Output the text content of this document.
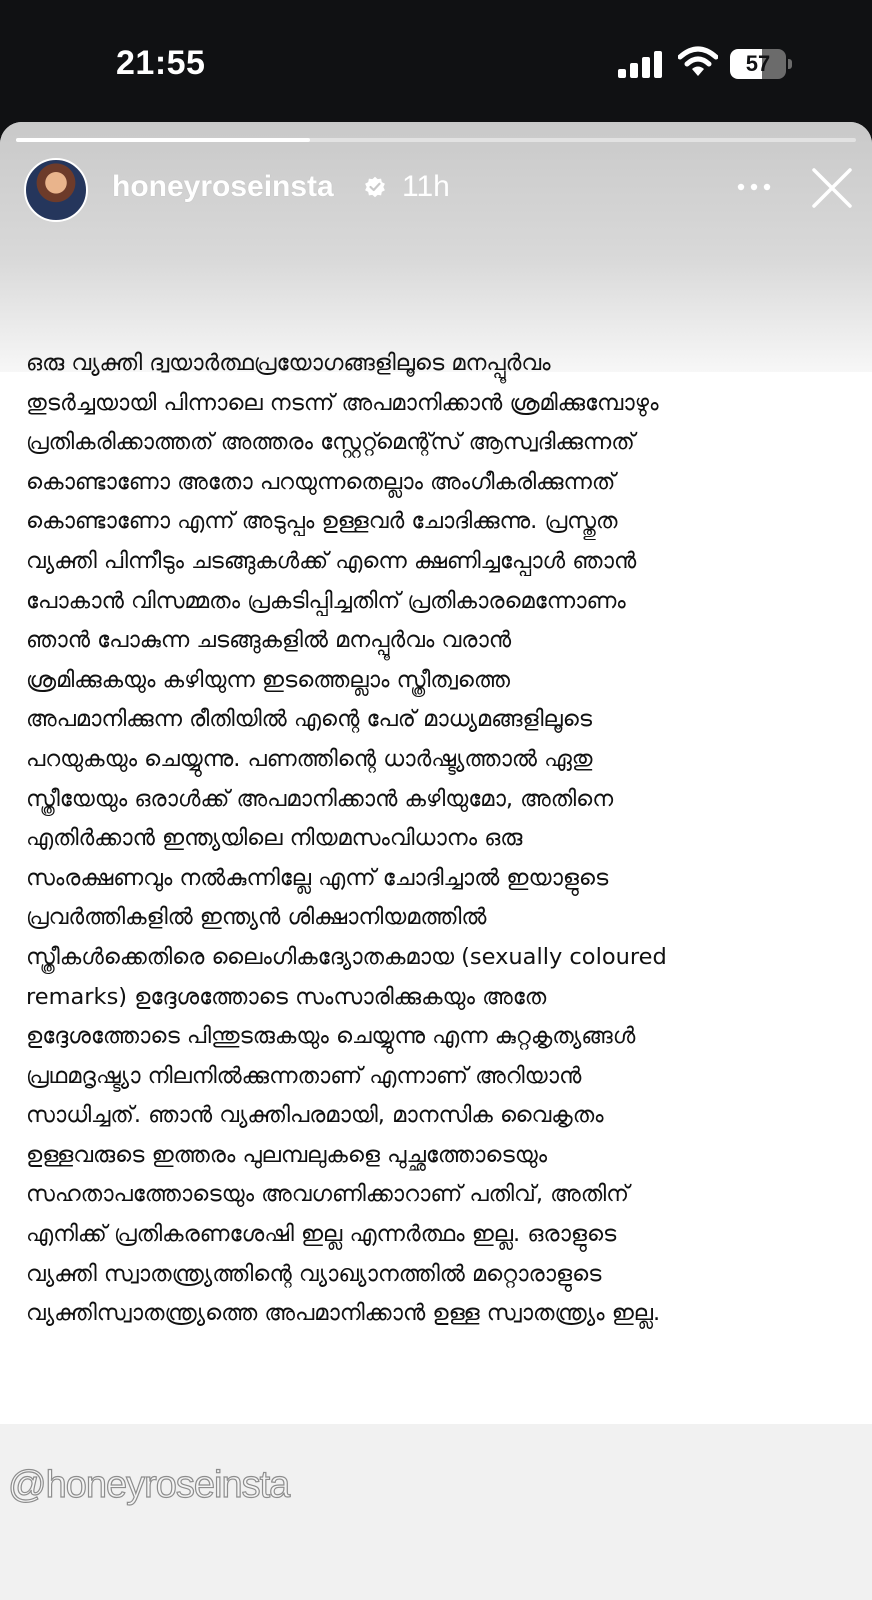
21:55	57
honeyroseinsta 11h
ഒരു വ്യക്തി ദ്വയാർത്ഥപ്രയോഗങ്ങളിലൂടെ മനപ്പൂർവം
തുടർച്ചയായി പിന്നാലെ നടന്ന് അപമാനിക്കാൻ ശ്രമിക്കുമ്പോഴും
പ്രതികരിക്കാത്തത് അത്തരം സ്റ്റേറ്റ്മെന്റ്സ് ആസ്വദിക്കുന്നത്
കൊണ്ടാണോ അതോ പറയുന്നതെല്ലാം അംഗീകരിക്കുന്നത്
കൊണ്ടാണോ എന്ന് അടുപ്പം ഉള്ളവർ ചോദിക്കുന്നു. പ്രസ്തുത
വ്യക്തി പിന്നീടും ചടങ്ങുകൾക്ക് എന്നെ ക്ഷണിച്ചപ്പോൾ ഞാൻ
പോകാൻ വിസമ്മതം പ്രകടിപ്പിച്ചതിന് പ്രതികാരമെന്നോണം
ഞാൻ പോകുന്ന ചടങ്ങുകളിൽ മനപ്പൂർവം വരാൻ
ശ്രമിക്കുകയും കഴിയുന്ന ഇടത്തെല്ലാം സ്ത്രീത്വത്തെ
അപമാനിക്കുന്ന രീതിയിൽ എന്റെ പേര് മാധ്യമങ്ങളിലൂടെ
പറയുകയും ചെയ്യുന്നു. പണത്തിന്റെ ധാർഷ്ട്യത്താൽ ഏതു
സ്ത്രീയേയും ഒരാൾക്ക് അപമാനിക്കാൻ കഴിയുമോ, അതിനെ
എതിർക്കാൻ ഇന്ത്യയിലെ നിയമസംവിധാനം ഒരു
സംരക്ഷണവും നൽകുന്നില്ലേ എന്ന് ചോദിച്ചാൽ ഇയാളുടെ
പ്രവർത്തികളിൽ ഇന്ത്യൻ ശിക്ഷാനിയമത്തിൽ
സ്ത്രീകൾക്കെതിരെ ലൈംഗികദ്യോതകമായ (sexually coloured
remarks) ഉദ്ദേശത്തോടെ സംസാരിക്കുകയും അതേ
ഉദ്ദേശത്തോടെ പിന്തുടരുകയും ചെയ്യുന്നു എന്ന കുറ്റകൃത്യങ്ങൾ
പ്രഥമദൃഷ്ട്യാ നിലനിൽക്കുന്നതാണ് എന്നാണ് അറിയാൻ
സാധിച്ചത്. ഞാൻ വ്യക്തിപരമായി, മാനസിക വൈകൃതം
ഉള്ളവരുടെ ഇത്തരം പുലമ്പലുകളെ പുച്ഛത്തോടെയും
സഹതാപത്തോടെയും അവഗണിക്കാറാണ് പതിവ്, അതിന്
എനിക്ക് പ്രതികരണശേഷി ഇല്ല എന്നർത്ഥം ഇല്ല. ഒരാളുടെ
വ്യക്തി സ്വാതന്ത്ര്യത്തിന്റെ വ്യാഖ്യാനത്തിൽ മറ്റൊരാളുടെ
വ്യക്തിസ്വാതന്ത്ര്യത്തെ അപമാനിക്കാൻ ഉള്ള സ്വാതന്ത്ര്യം ഇല്ല.
@honeyroseinsta
